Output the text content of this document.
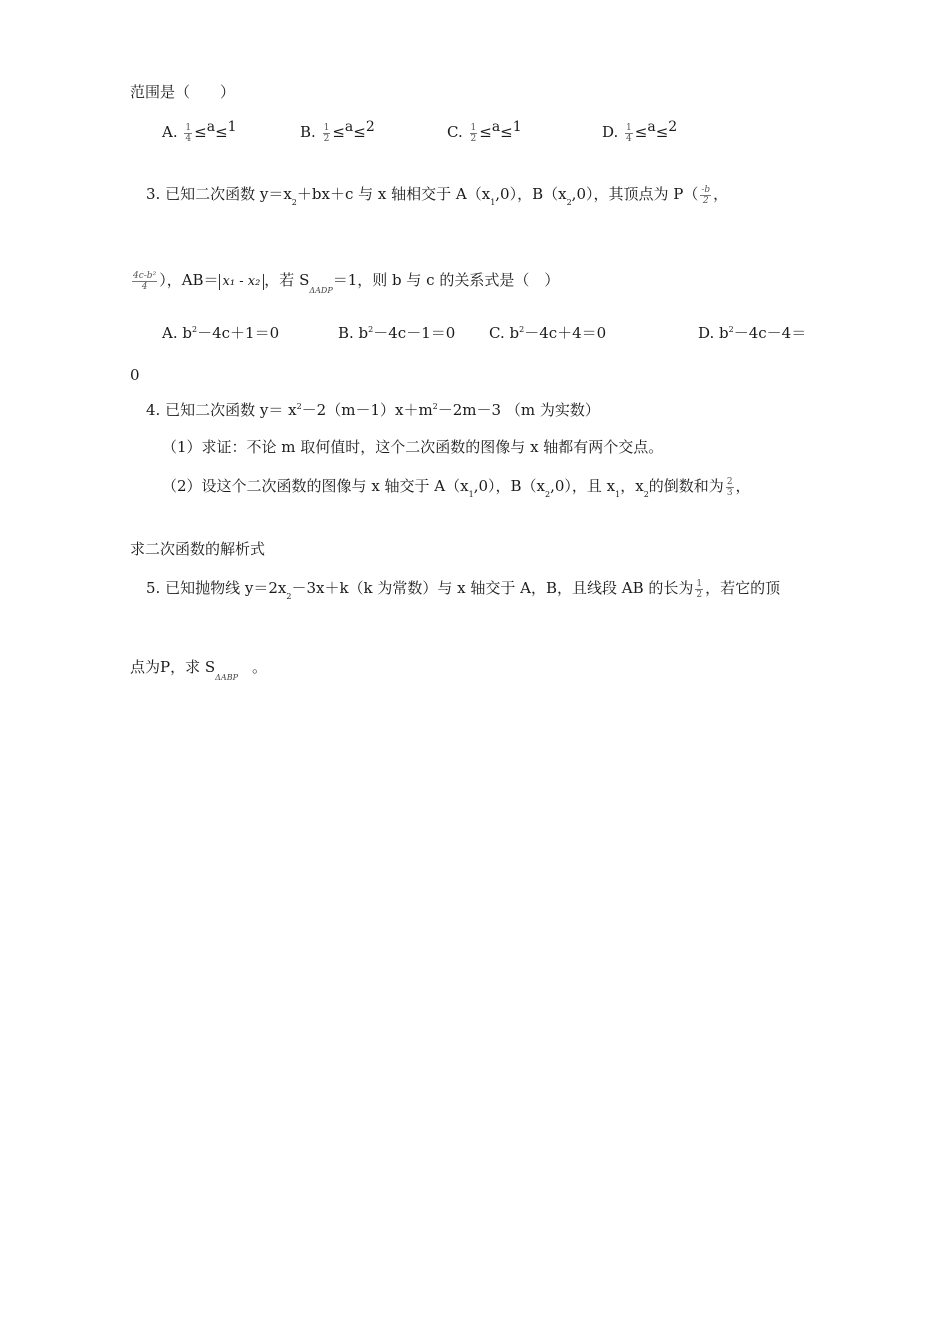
范围是（　　）
A. $\frac{1}{4} \le a\le 1$	B. $\frac{1}{2} \le a\le 2$	C. $\frac{1}{2} \le a\le 1$	D. $\frac{1}{4} \le a\le 2$
3. 已知二次函数 $y=x_2+bx+c$ 与 x 轴相交于 $A(x_1,0)$，$B(x_2,0)$，其顶点为 $P( \frac{-b}{2}$ ，
$\frac{\text{4c-b²}}{4}$ ），AB＝ x₁ - x₂ ，若 $S_{\Delta ADP}=1$，则 b 与 c 的关系式是（　）
A. $b^2-4c+1=0$	B. $b^2-4c-1=0$ C. $b^2-4c+4=0$	D. $b^2-4c-4=$
0
4. 已知二次函数 $y= x^2-2(m-1)x+m^2-2m-3$ （m 为实数）
（1）求证：不论 m 取何值时，这个二次函数的图像与 x 轴都有两个交点。
（2）设这个二次函数的图像与 x 轴交于 $A(x_1,0)$，$B(x_2,0)$，且 $x_1$，$x_2$的倒数和为 $\frac{2}{3}$ ，
求二次函数的解析式
5. 已知抛物线 $y=2x_2-3x+k(k$ 为常数）与 x 轴交于 A，B，且线段 AB 的长为 $\frac{1}{2}$ ，若它的顶
点为P，求 $S_{\Delta ABP}$。
